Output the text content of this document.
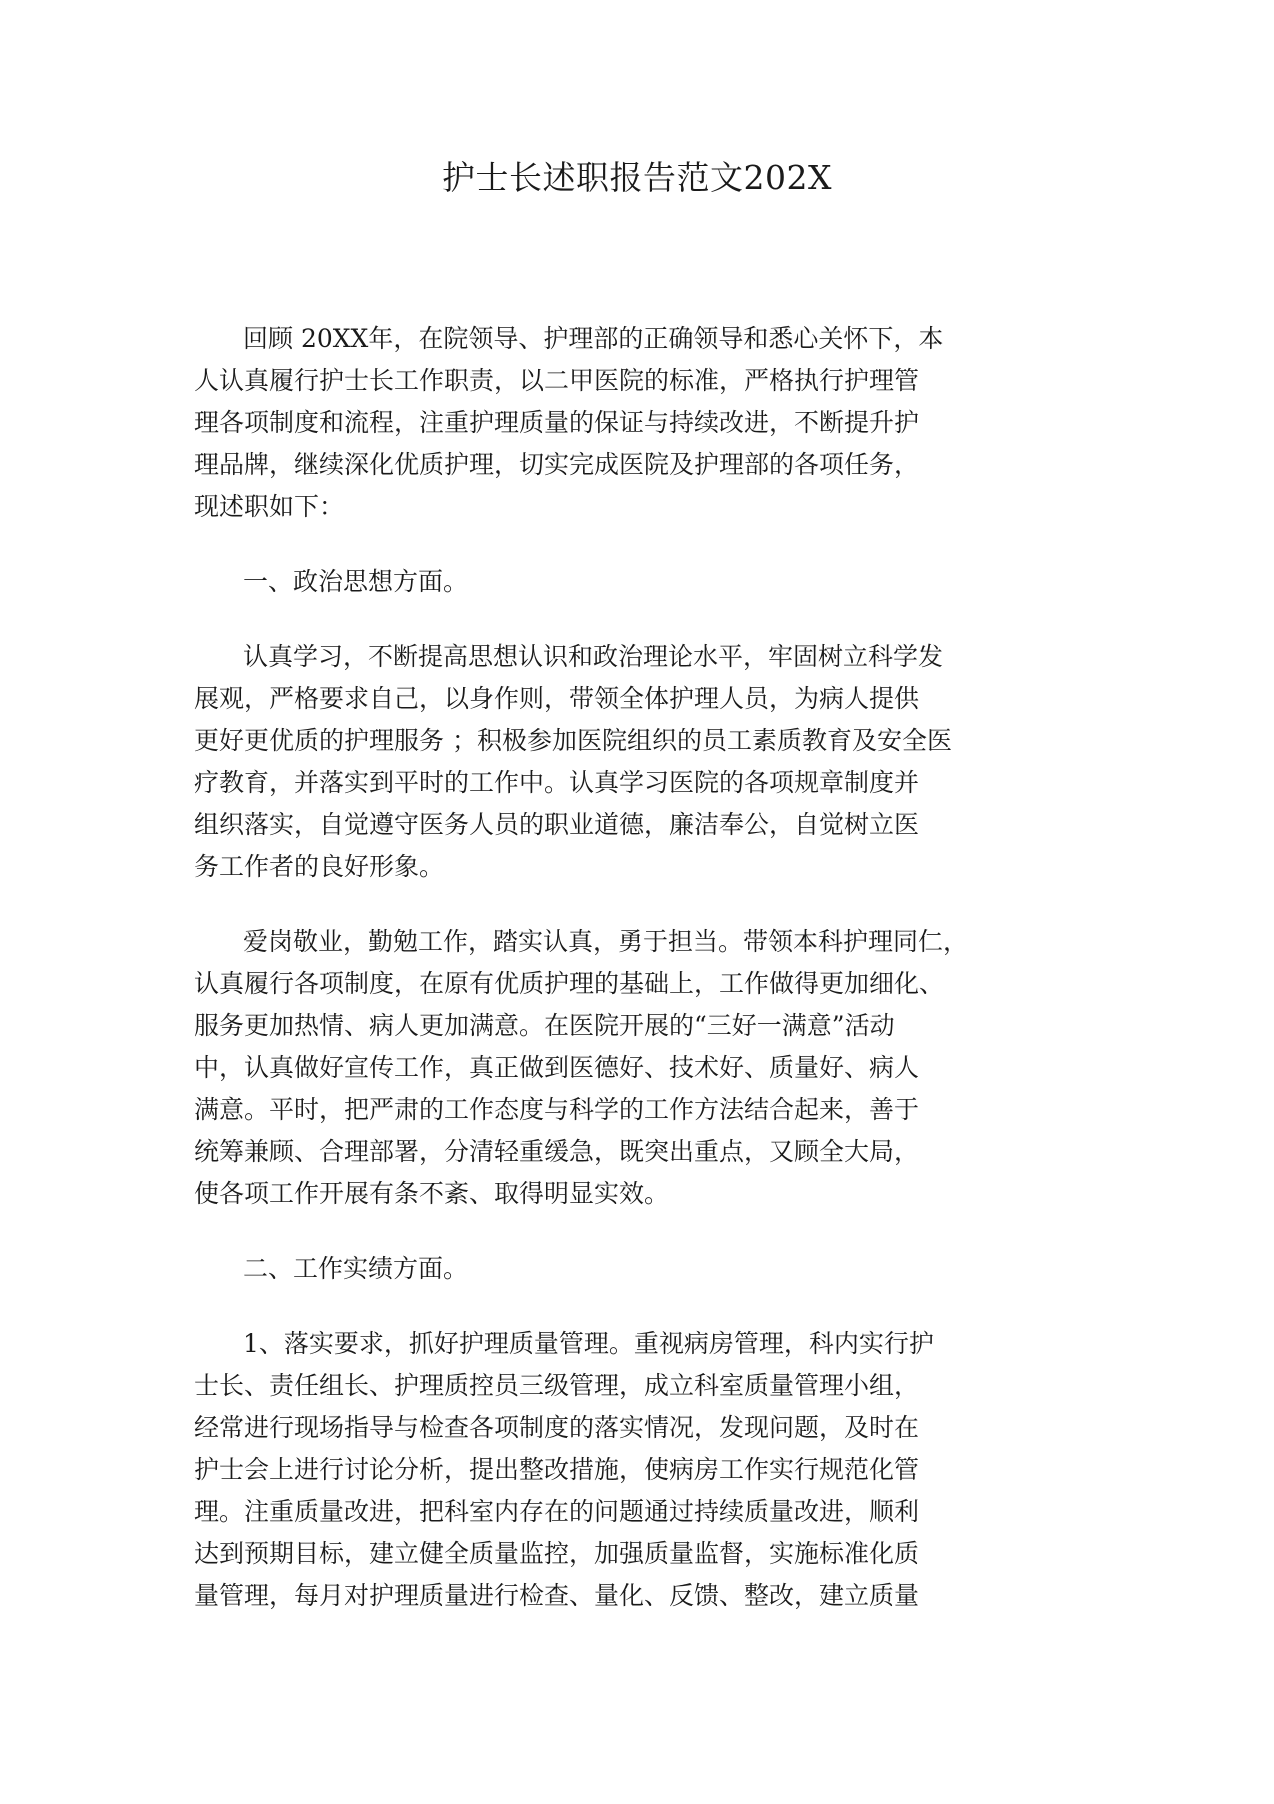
护士长述职报告范文202X
回顾 20XX年，在院领导、护理部的正确领导和悉心关怀下，本
人认真履行护士长工作职责，以二甲医院的标准，严格执行护理管
理各项制度和流程，注重护理质量的保证与持续改进，不断提升护
理品牌，继续深化优质护理，切实完成医院及护理部的各项任务，
现述职如下：

一、政治思想方面。

认真学习，不断提高思想认识和政治理论水平，牢固树立科学发
展观，严格要求自己，以身作则，带领全体护理人员，为病人提供
更好更优质的护理服务 ；积极参加医院组织的员工素质教育及安全医
疗教育，并落实到平时的工作中。认真学习医院的各项规章制度并
组织落实，自觉遵守医务人员的职业道德，廉洁奉公，自觉树立医
务工作者的良好形象。
爱岗敬业，勤勉工作，踏实认真，勇于担当。带领本科护理同仁，
认真履行各项制度，在原有优质护理的基础上，工作做得更加细化、
服务更加热情、病人更加满意。在医院开展的“三好一满意”活动
中，认真做好宣传工作，真正做到医德好、技术好、质量好、病人
满意。平时，把严肃的工作态度与科学的工作方法结合起来，善于
统筹兼顾、合理部署，分清轻重缓急，既突出重点，又顾全大局，
使各项工作开展有条不紊、取得明显实效。

二、工作实绩方面。

1、落实要求，抓好护理质量管理。重视病房管理，科内实行护
士长、责任组长、护理质控员三级管理，成立科室质量管理小组，
经常进行现场指导与检查各项制度的落实情况，发现问题，及时在
护士会上进行讨论分析，提出整改措施，使病房工作实行规范化管
理。注重质量改进，把科室内存在的问题通过持续质量改进，顺利
达到预期目标，建立健全质量监控，加强质量监督，实施标准化质
量管理，每月对护理质量进行检查、量化、反馈、整改，建立质量
